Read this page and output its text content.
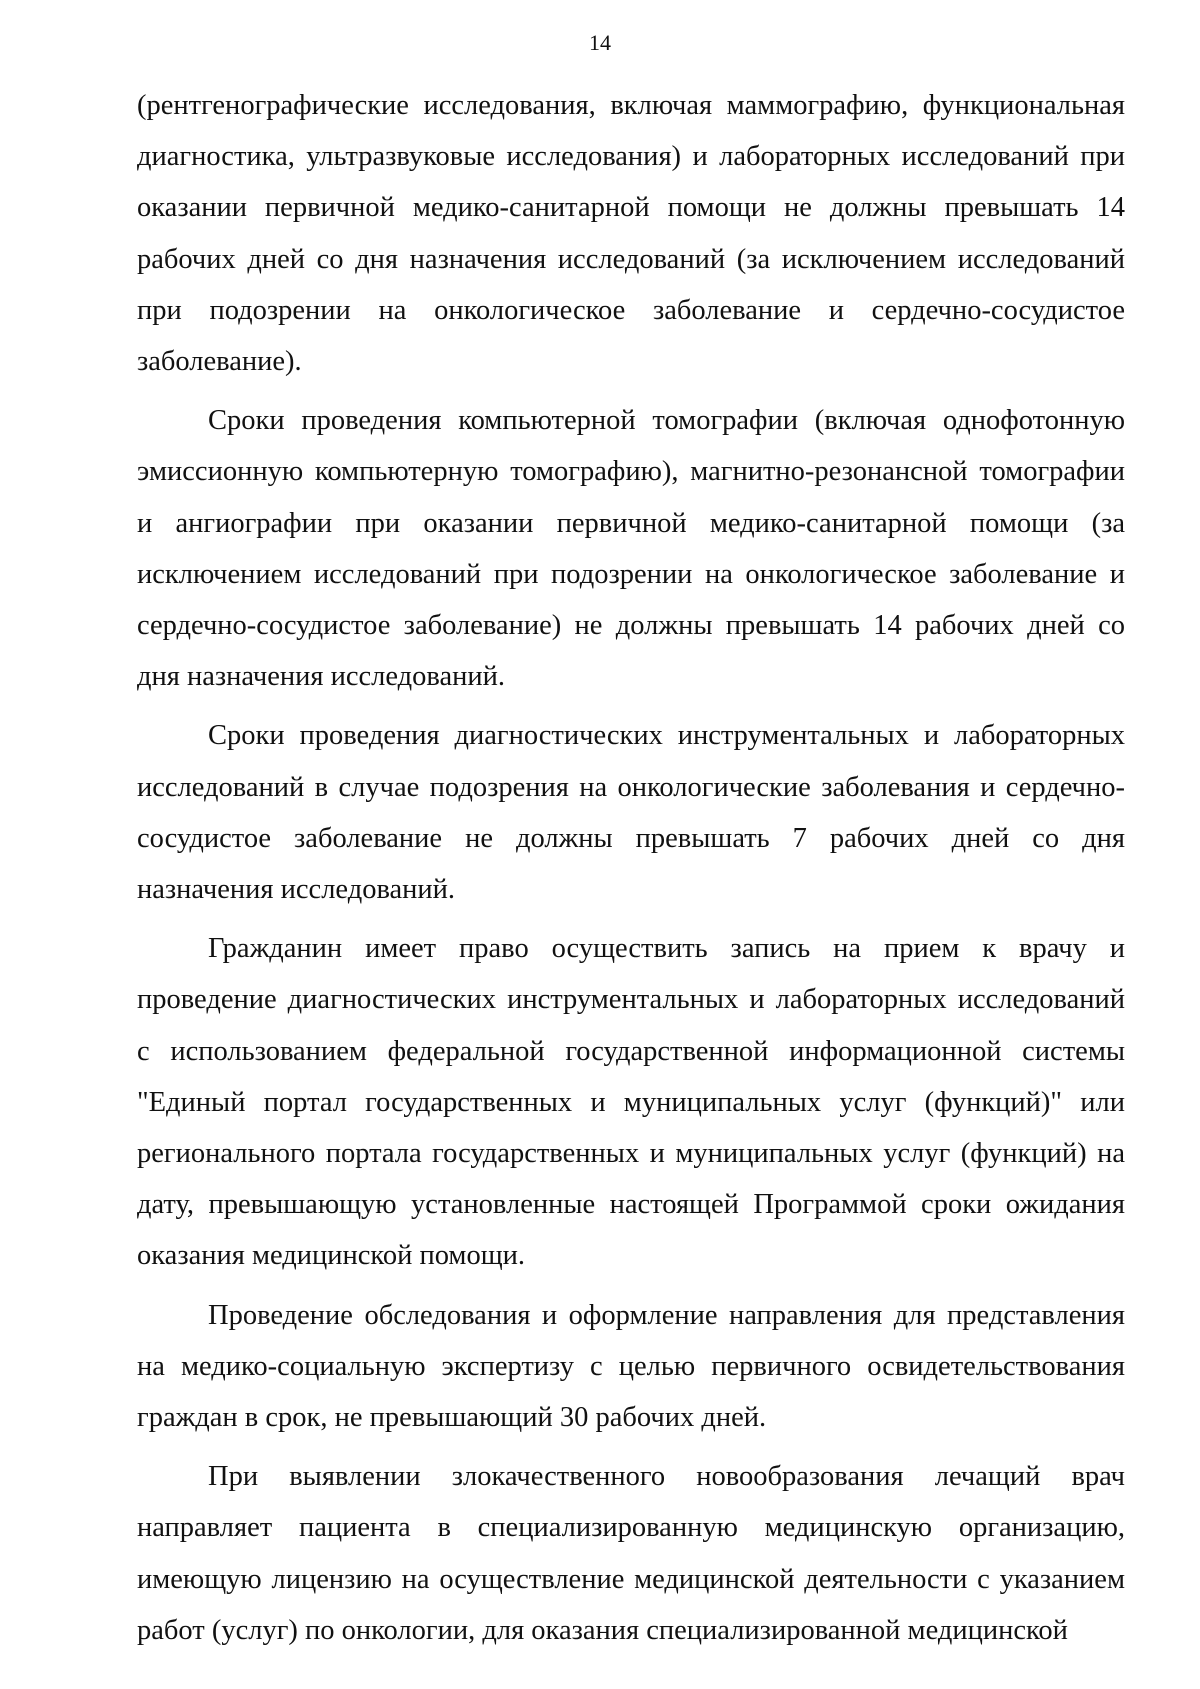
14

(рентгенографические исследования, включая маммографию, функциональная диагностика, ультразвуковые исследования) и лабораторных исследований при оказании первичной медико-санитарной помощи не должны превышать 14 рабочих дней со дня назначения исследований (за исключением исследований при подозрении на онкологическое заболевание и сердечно-сосудистое заболевание).

Сроки проведения компьютерной томографии (включая однофотонную эмиссионную компьютерную томографию), магнитно-резонансной томографии и ангиографии при оказании первичной медико-санитарной помощи (за исключением исследований при подозрении на онкологическое заболевание и сердечно-сосудистое заболевание) не должны превышать 14 рабочих дней со дня назначения исследований.

Сроки проведения диагностических инструментальных и лабораторных исследований в случае подозрения на онкологические заболевания и сердечно-сосудистое заболевание не должны превышать 7 рабочих дней со дня назначения исследований.

Гражданин имеет право осуществить запись на прием к врачу и проведение диагностических инструментальных и лабораторных исследований с использованием федеральной государственной информационной системы "Единый портал государственных и муниципальных услуг (функций)" или регионального портала государственных и муниципальных услуг (функций) на дату, превышающую установленные настоящей Программой сроки ожидания оказания медицинской помощи.

Проведение обследования и оформление направления для представления на медико-социальную экспертизу с целью первичного освидетельствования граждан в срок, не превышающий 30 рабочих дней.

При выявлении злокачественного новообразования лечащий врач направляет пациента в специализированную медицинскую организацию, имеющую лицензию на осуществление медицинской деятельности с указанием работ (услуг) по онкологии, для оказания специализированной медицинской
